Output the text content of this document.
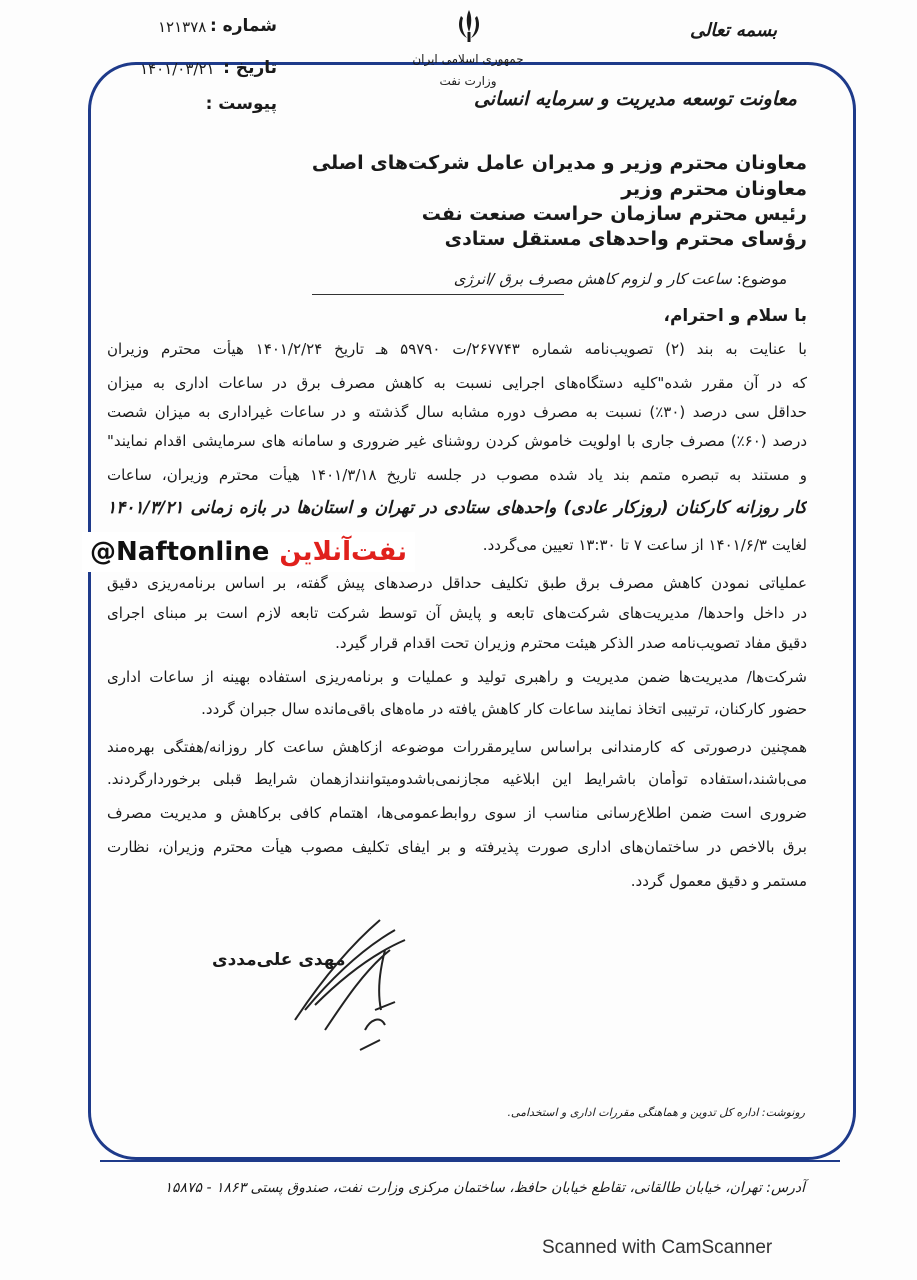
شماره :
۱۲۱۳۷۸
تاریخ :
۱۴۰۱/۰۳/۲۱
پیوست :
جمهوری اسلامی ایران
وزارت نفت
بسمه تعالی
معاونت توسعه مدیریت و سرمایه انسانی
معاونان محترم وزیر و مدیران عامل شرکت‌های اصلی
معاونان محترم وزیر
رئیس محترم سازمان حراست صنعت نفت
رؤسای محترم واحدهای مستقل ستادی
موضوع: ساعت کار و لزوم کاهش مصرف برق /انرژی
با سلام و احترام،
با عنایت به بند (۲) تصویب‌نامه شماره ۲۶۷۷۴۳/ت ۵۹۷۹۰ هـ تاریخ ۱۴۰۱/۲/۲۴ هیأت محترم وزیران
که در آن مقرر شده"کلیه دستگاه‌های اجرایی نسبت به کاهش مصرف برق در ساعات اداری به میزان
حداقل سی درصد (۳۰٪) نسبت به مصرف دوره مشابه سال گذشته و در ساعات غیراداری به میزان شصت
درصد (۶۰٪) مصرف جاری با اولویت خاموش کردن روشنای غیر ضروری و سامانه های سرمایشی اقدام نمایند"
و مستند به تبصره متمم بند یاد شده مصوب در جلسه تاریخ ۱۴۰۱/۳/۱۸ هیأت محترم وزیران، ساعات
کار روزانه کارکنان (روزکار عادی) واحدهای ستادی در تهران و استان‌ها در بازه زمانی ۱۴۰۱/۳/۲۱
لغایت ۱۴۰۱/۶/۳ از ساعت ۷ تا ۱۳:۳۰ تعیین می‌گردد.
عملیاتی نمودن کاهش مصرف برق طبق تکلیف حداقل درصدهای پیش گفته، بر اساس برنامه‌ریزی دقیق
در داخل واحدها/ مدیریت‌های شرکت‌های تابعه و پایش آن توسط شرکت تابعه لازم است بر مبنای اجرای
دقیق مفاد تصویب‌نامه صدر الذکر هیئت محترم وزیران تحت اقدام قرار گیرد.
شرکت‌ها/ مدیریت‌ها ضمن مدیریت و راهبری تولید و عملیات و برنامه‌ریزی استفاده بهینه از ساعات اداری
حضور کارکنان، ترتیبی اتخاذ نمایند ساعات کار کاهش یافته در ماه‌های باقی‌مانده سال جبران گردد.
همچنین درصورتی که کارمندانی براساس سایرمقررات موضوعه ازکاهش ساعت کار روزانه/هفتگی بهره‌مند
می‌باشند،استفاده توأمان باشرایط این ابلاغیه مجازنمی‌باشدومیتوانندازهمان شرایط قبلی برخوردارگردند.
ضروری است ضمن اطلاع‌رسانی مناسب از سوی روابط‌عمومی‌ها، اهتمام کافی برکاهش و مدیریت مصرف
برق بالاخص در ساختمان‌های اداری صورت پذیرفته و بر ایفای تکلیف مصوب هیأت محترم وزیران، نظارت
مستمر و دقیق معمول گردد.
نفت‌آنلاین
@Naftonline
مهدی علی‌مددی
رونوشت: اداره کل تدوین و هماهنگی مقررات اداری و استخدامی.
آدرس: تهران، خیابان طالقانی، تقاطع خیابان حافظ، ساختمان مرکزی وزارت نفت، صندوق پستی ۱۸۶۳ - ۱۵۸۷۵
Scanned with CamScanner
